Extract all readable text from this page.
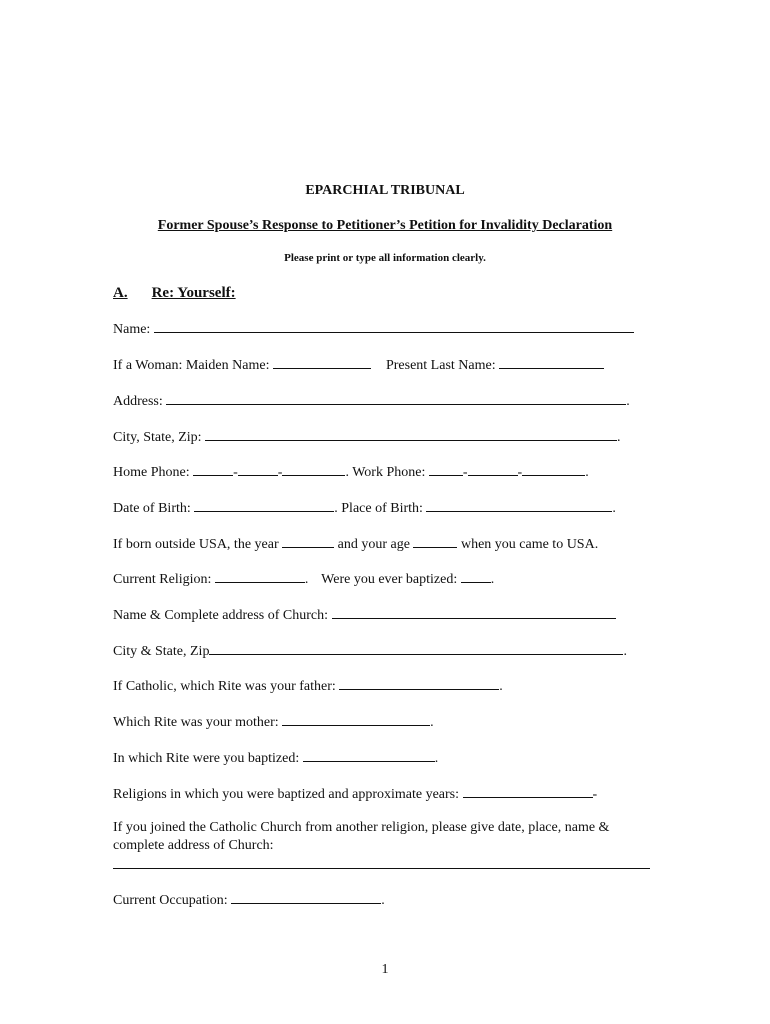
EPARCHIAL TRIBUNAL
Former Spouse’s Response to Petitioner’s Petition for Invalidity Declaration
Please print or type all information clearly.
A. Re: Yourself:
Name:
If a Woman: Maiden Name:	Present Last Name:
Address:	.
City, State, Zip:	.
Home Phone:	-	-	. Work Phone:	-	-	.
Date of Birth:	. Place of Birth:	.
If born outside USA, the year	and your age	when you came to USA.
Current Religion:	. Were you ever baptized: .
Name & Complete address of Church:
City & State, Zip	.
If Catholic, which Rite was your father:	.
Which Rite was your mother:	.
In which Rite were you baptized:	.
Religions in which you were baptized and approximate years:	-
If you joined the Catholic Church from another religion, please give date, place, name &
complete address of Church:
Current Occupation:	.
1
